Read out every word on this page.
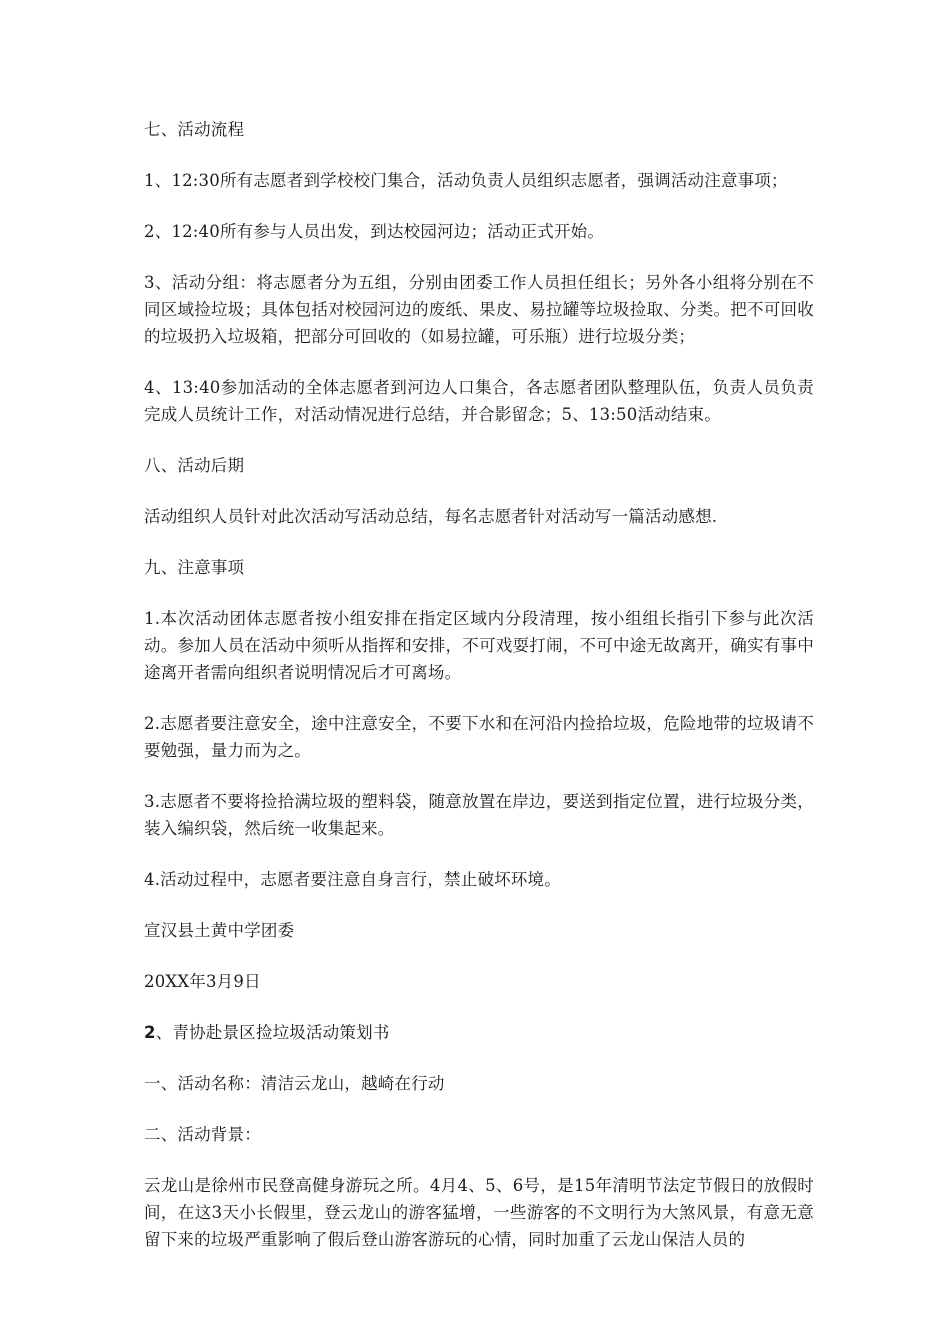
七、活动流程

1、12:30所有志愿者到学校校门集合，活动负责人员组织志愿者，强调活动注意事项；

2、12:40所有参与人员出发，到达校园河边；活动正式开始。

3、活动分组：将志愿者分为五组，分别由团委工作人员担任组长；另外各小组将分别在不同区域捡垃圾；具体包括对校园河边的废纸、果皮、易拉罐等垃圾捡取、分类。把不可回收的垃圾扔入垃圾箱，把部分可回收的（如易拉罐，可乐瓶）进行垃圾分类；

4、13:40参加活动的全体志愿者到河边人口集合，各志愿者团队整理队伍，负责人员负责完成人员统计工作，对活动情况进行总结，并合影留念；5、13:50活动结束。

八、活动后期

活动组织人员针对此次活动写活动总结，每名志愿者针对活动写一篇活动感想.

九、注意事项

1.本次活动团体志愿者按小组安排在指定区域内分段清理，按小组组长指引下参与此次活动。参加人员在活动中须听从指挥和安排，不可戏耍打闹，不可中途无故离开，确实有事中途离开者需向组织者说明情况后才可离场。

2.志愿者要注意安全，途中注意安全，不要下水和在河沿内捡拾垃圾，危险地带的垃圾请不要勉强，量力而为之。

3.志愿者不要将捡拾满垃圾的塑料袋，随意放置在岸边，要送到指定位置，进行垃圾分类，装入编织袋，然后统一收集起来。

4.活动过程中，志愿者要注意自身言行，禁止破坏环境。

宣汉县土黄中学团委

20XX年3月9日

2、青协赴景区捡垃圾活动策划书

一、活动名称：清洁云龙山，越崎在行动

二、活动背景：

云龙山是徐州市民登高健身游玩之所。4月4、5、6号，是15年清明节法定节假日的放假时间，在这3天小长假里，登云龙山的游客猛增，一些游客的不文明行为大煞风景，有意无意留下来的垃圾严重影响了假后登山游客游玩的心情，同时加重了云龙山保洁人员的
